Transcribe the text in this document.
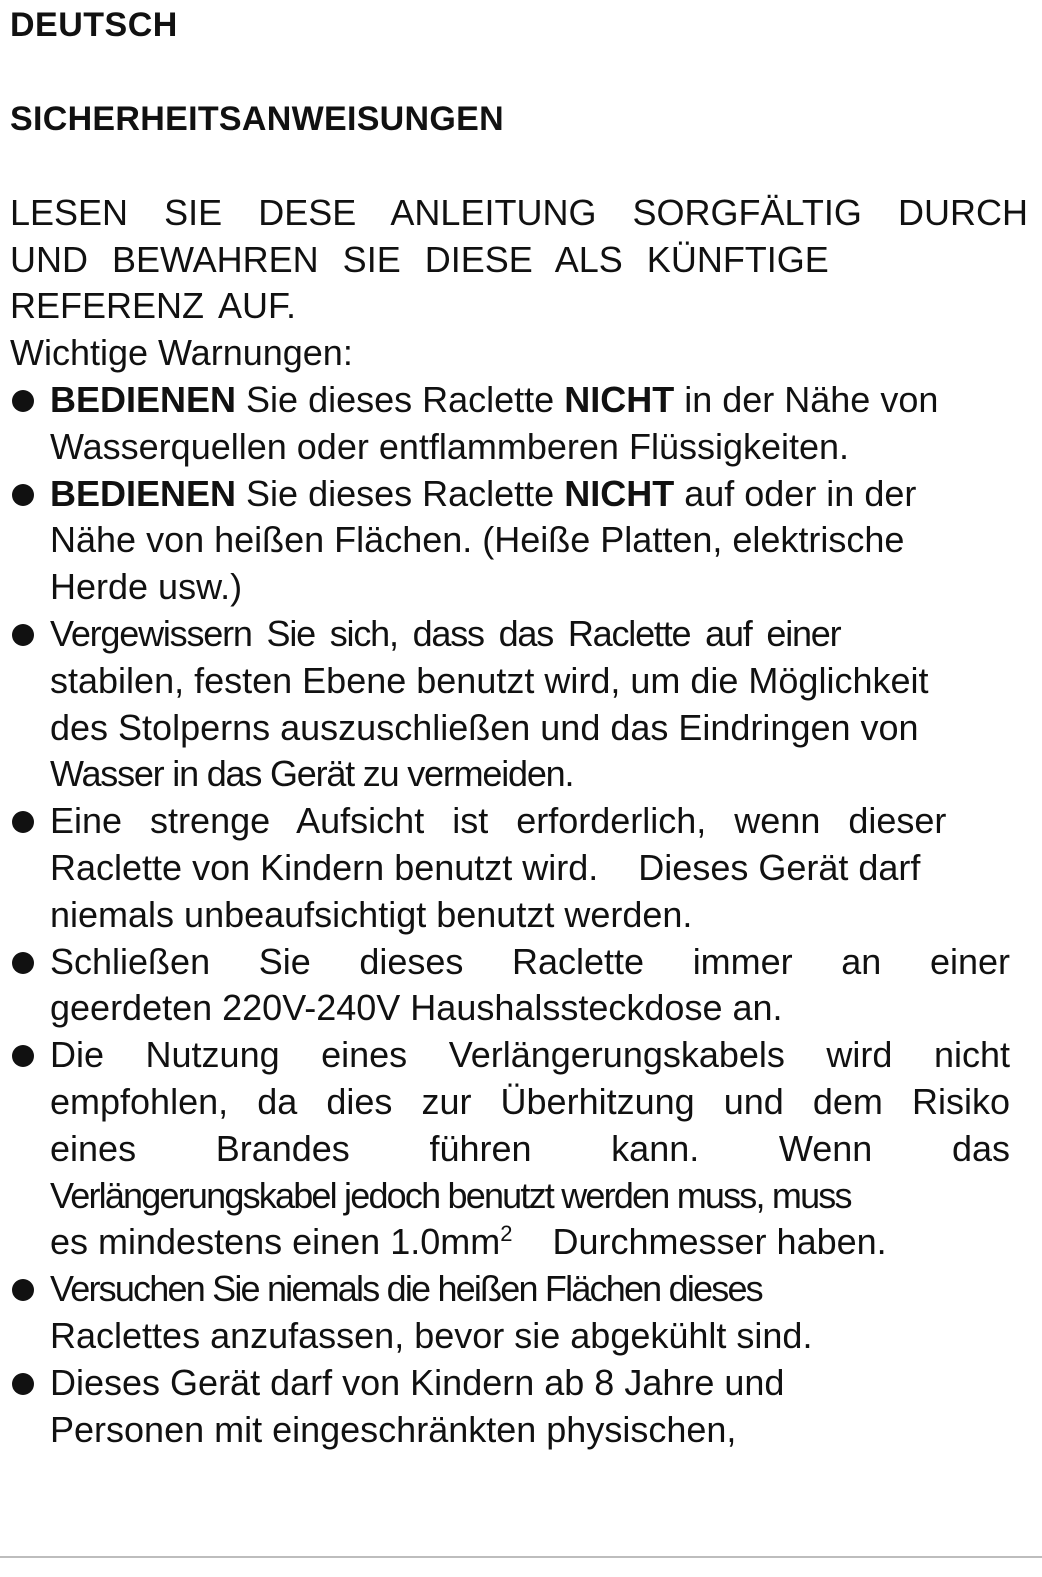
DEUTSCH
SICHERHEITSANWEISUNGEN
LESEN SIE DESE ANLEITUNG SORGFÄLTIG DURCH
UND BEWAHREN SIE DIESE ALS KÜNFTIGE
REFERENZ AUF.
Wichtige Warnungen:
BEDIENEN Sie dieses Raclette NICHT in der Nähe von
Wasserquellen oder entflammberen Flüssigkeiten.
BEDIENEN Sie dieses Raclette NICHT auf oder in der
Nähe von heißen Flächen. (Heiße Platten, elektrische
Herde usw.)
Vergewissern Sie sich, dass das Raclette auf einer
stabilen, festen Ebene benutzt wird, um die Möglichkeit
des Stolperns auszuschließen und das Eindringen von
Wasser in das Gerät zu vermeiden.
Eine strenge Aufsicht ist erforderlich, wenn dieser
Raclette von Kindern benutzt wird.    Dieses Gerät darf
niemals unbeaufsichtigt benutzt werden.
Schließen Sie dieses Raclette immer an einer
geerdeten 220V-240V Haushalssteckdose an.
Die Nutzung eines Verlängerungskabels wird nicht
empfohlen, da dies zur Überhitzung und dem Risiko
eines Brandes führen kann. Wenn das
Verlängerungskabel jedoch benutzt werden muss, muss
es mindestens einen $1.0mm^2$    Durchmesser haben.
Versuchen Sie niemals die heißen Flächen dieses
Raclettes anzufassen, bevor sie abgekühlt sind.
Dieses Gerät darf von Kindern ab 8 Jahre und
Personen mit eingeschränkten physischen,
